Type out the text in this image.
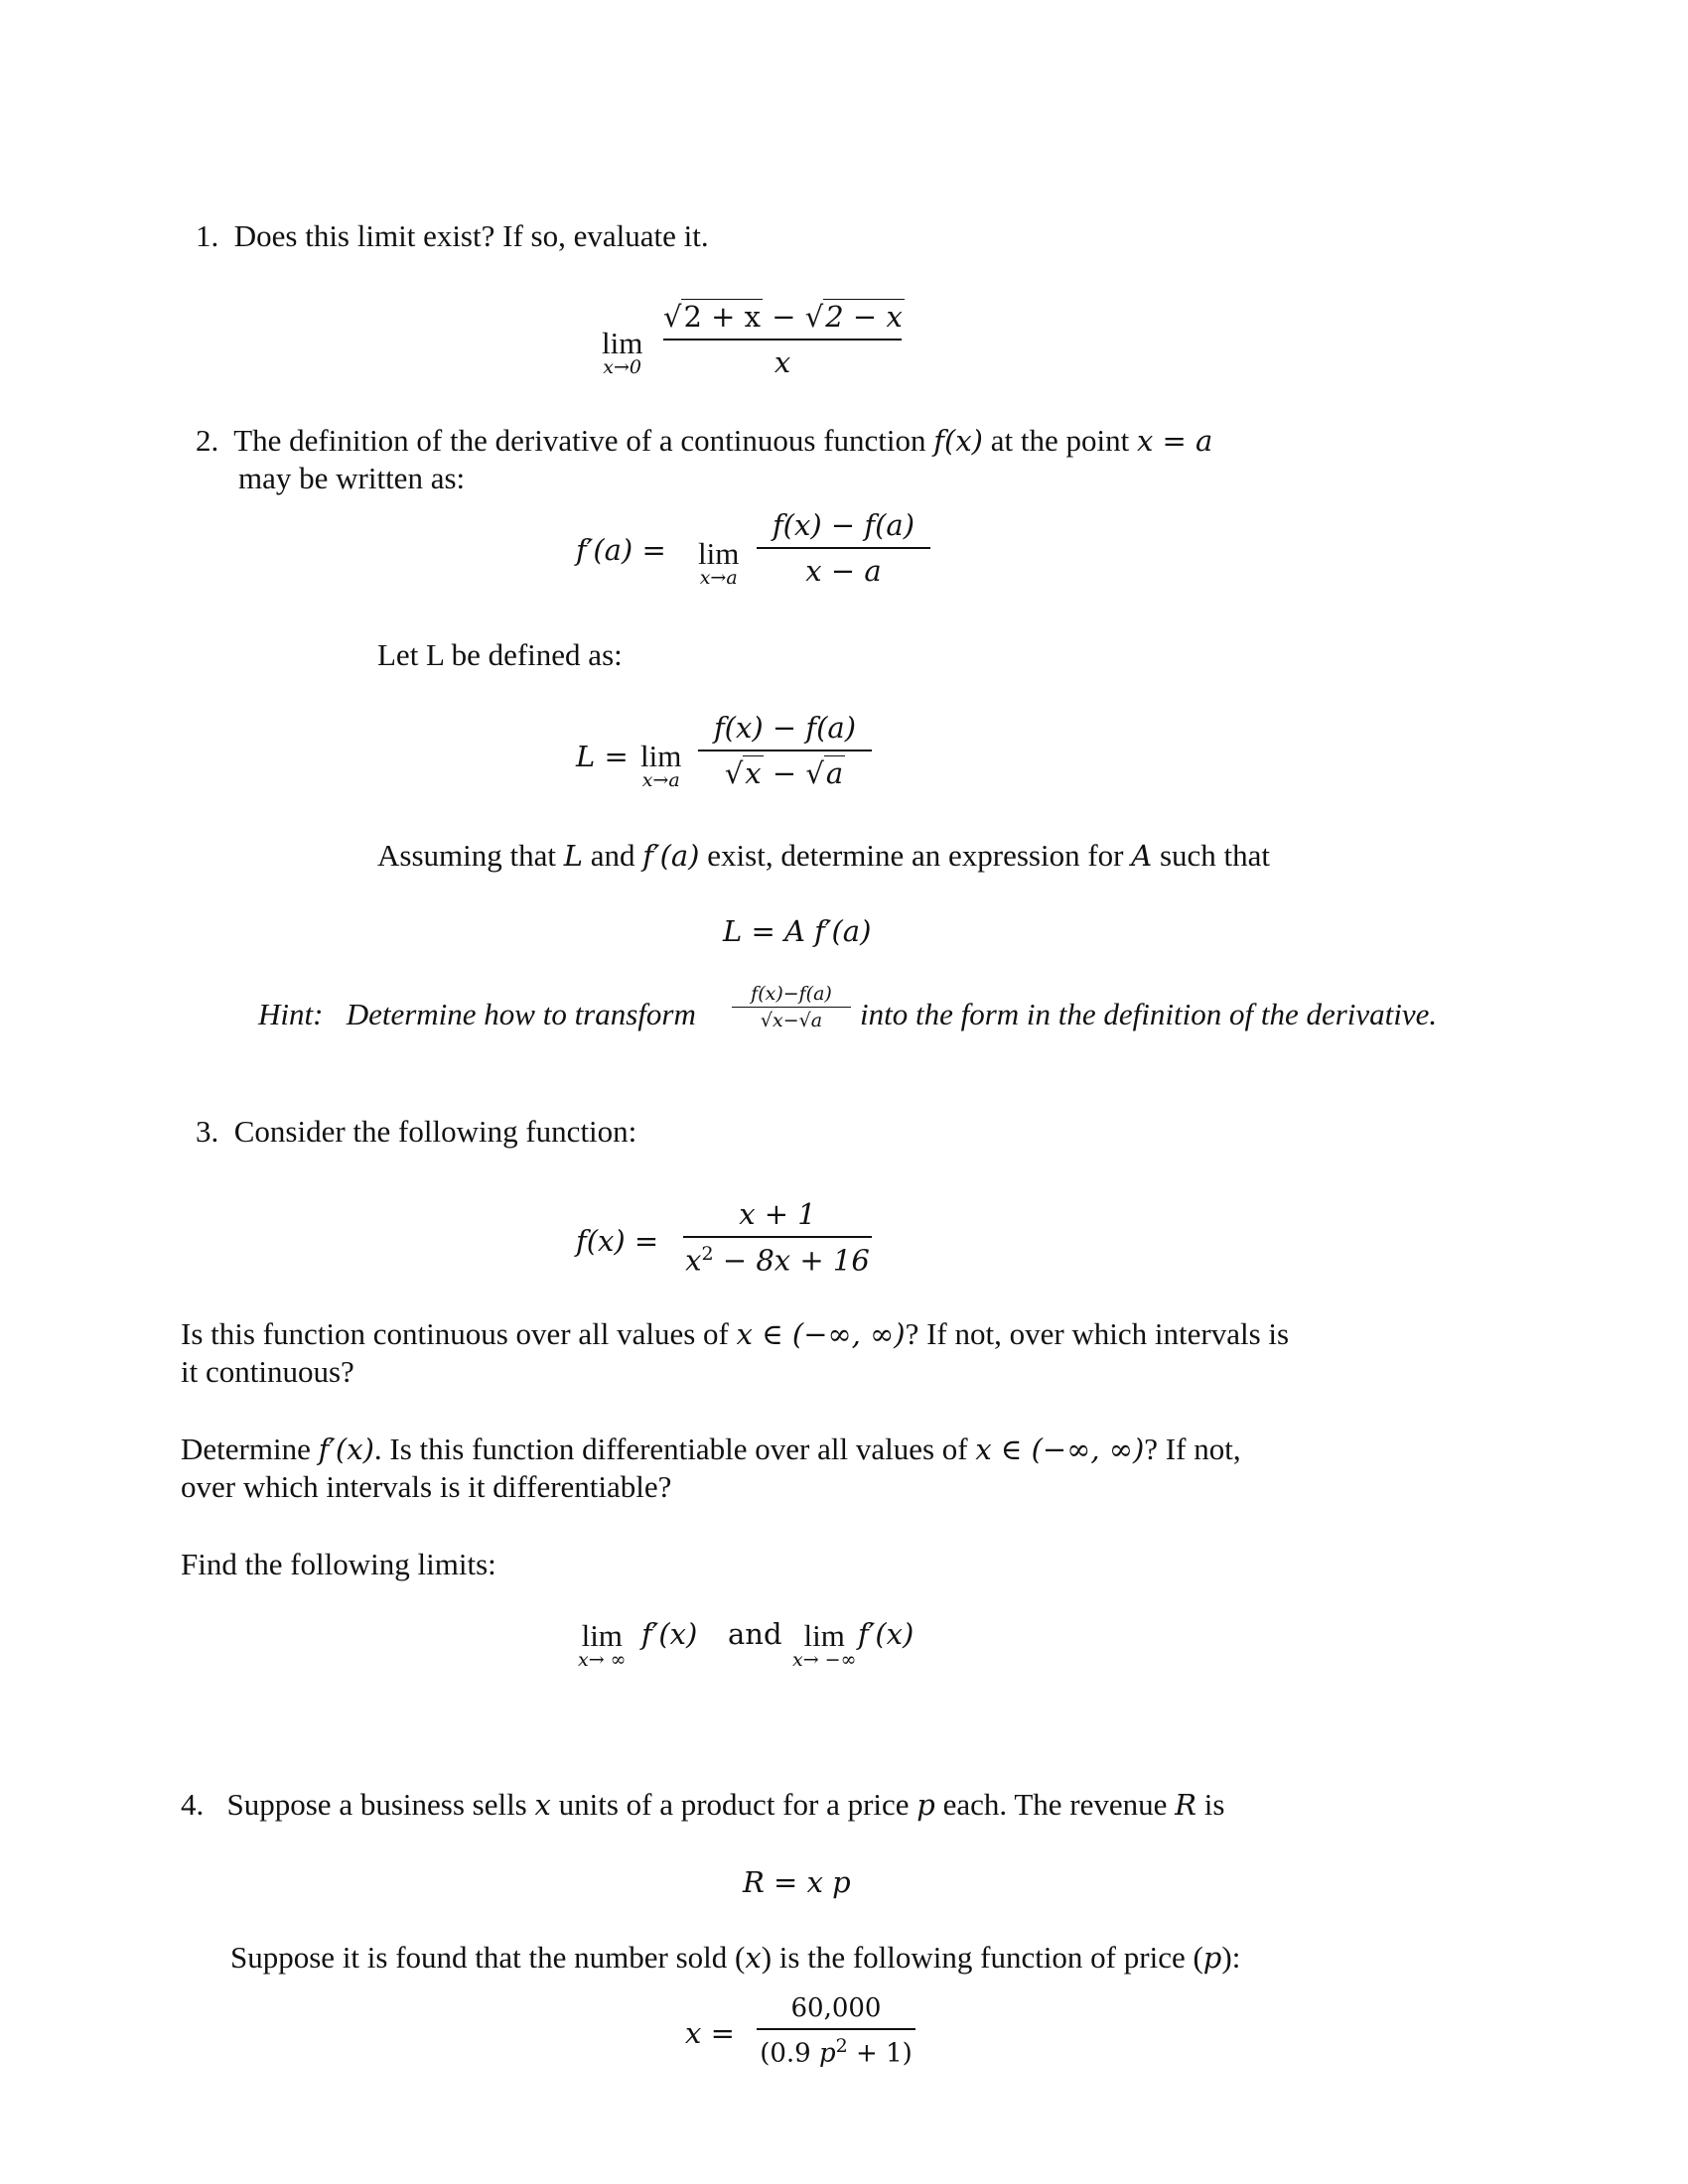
1. Does this limit exist? If so, evaluate it.
lim
x→0
√2 + x − √2 − x
x
2. The definition of the derivative of a continuous function f(x) at the point x = a
may be written as:
f′(a) = lim
x→a
f(x) − f(a)
x − a
Let L be defined as:
L = lim
x→a
f(x) − f(a)
√x − √a
Assuming that L and f′(a) exist, determine an expression for A such that
L = A f′(a)
Hint: Determine how to transform
f(x)−f(a)
√x−√a	into the form in the definition of the derivative.
3. Consider the following function:
f(x) =
x + 1
$x^2 - 8x + 16$
Is this function continuous over all values of x ∈ (−∞, ∞)? If not, over which intervals is
it continuous?
Determine f′(x). Is this function differentiable over all values of x ∈ (−∞, ∞)? If not,
over which intervals is it differentiable?
Find the following limits:
lim
x→ ∞
f′(x) and lim
x→ −∞
f′(x)
4. Suppose a business sells x units of a product for a price p each. The revenue R is
R = x p
Suppose it is found that the number sold (x) is the following function of price (p):
x =
60,000
(0.9 $p^2 + 1$)
